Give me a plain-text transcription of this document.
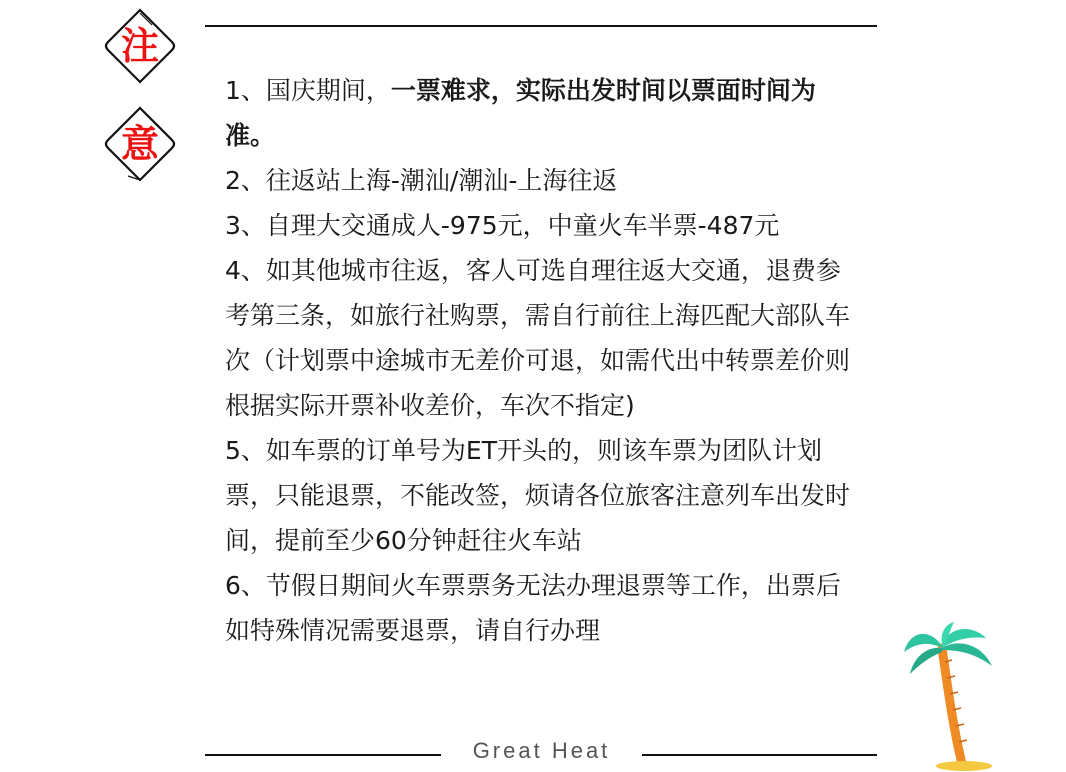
注
意

1、国庆期间，一票难求，实际出发时间以票面时间为准。

2、往返站上海-潮汕/潮汕-上海往返

3、自理大交通成人-975元，中童火车半票-487元

4、如其他城市往返，客人可选自理往返大交通，退费参考第三条，如旅行社购票，需自行前往上海匹配大部队车次（计划票中途城市无差价可退，如需代出中转票差价则根据实际开票补收差价，车次不指定)

5、如车票的订单号为ET开头的，则该车票为团队计划票，只能退票，不能改签，烦请各位旅客注意列车出发时间，提前至少60分钟赶往火车站

6、节假日期间火车票票务无法办理退票等工作，出票后如特殊情况需要退票，请自行办理

Great Heat
